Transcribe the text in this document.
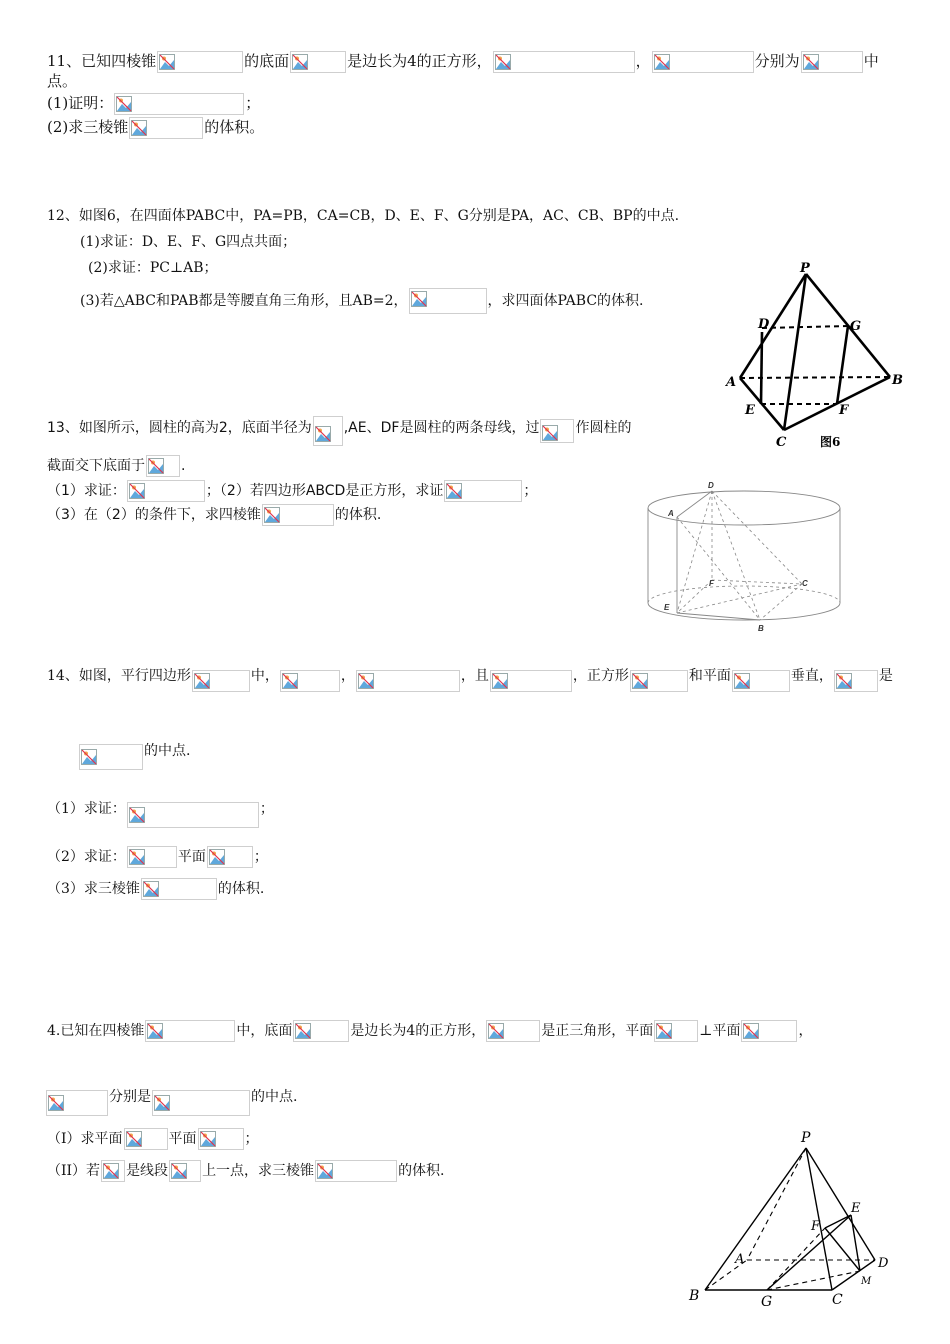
11、已知四棱锥	的底面	是边长为4的正方形，	，	分别为	中
点。
(1)证明：	；
(2)求三棱锥	的体积。
12、如图6，在四面体PABC中，PA=PB，CA=CB，D、E、F、G分别是PA，AC、CB、BP的中点.
(1)求证：D、E、F、G四点共面；
(2)求证：PC⊥AB；
(3)若△ABC和PAB都是等腰直角三角形，且AB=2，	，求四面体PABC的体积.
P
D	G
A	B
E	F
C	图6
13、如图所示，圆柱的高为2，底面半径为 ,AE、DF是圆柱的两条母线，过	作圆柱的
截面交下底面于	.
（1）求证：	；（2）若四边形ABCD是正方形，求证	；
（3）在（2）的条件下，求四棱锥	的体积.
D
A
F	C
E
B
14、如图，平行四边形	中，	，	，且	，正方形	和平面	垂直，	是
的中点.
（1）求证：	；
（2）求证：	平面	；
（3）求三棱锥	的体积.
4.已知在四棱锥	中，底面	是边长为4的正方形，	是正三角形，平面	⊥平面	，
分别是	的中点.
（I）求平面	平面	；
（II）若 是线段 上一点，求三棱锥	的体积.
P
E
F
A	D
M
B	G	C
